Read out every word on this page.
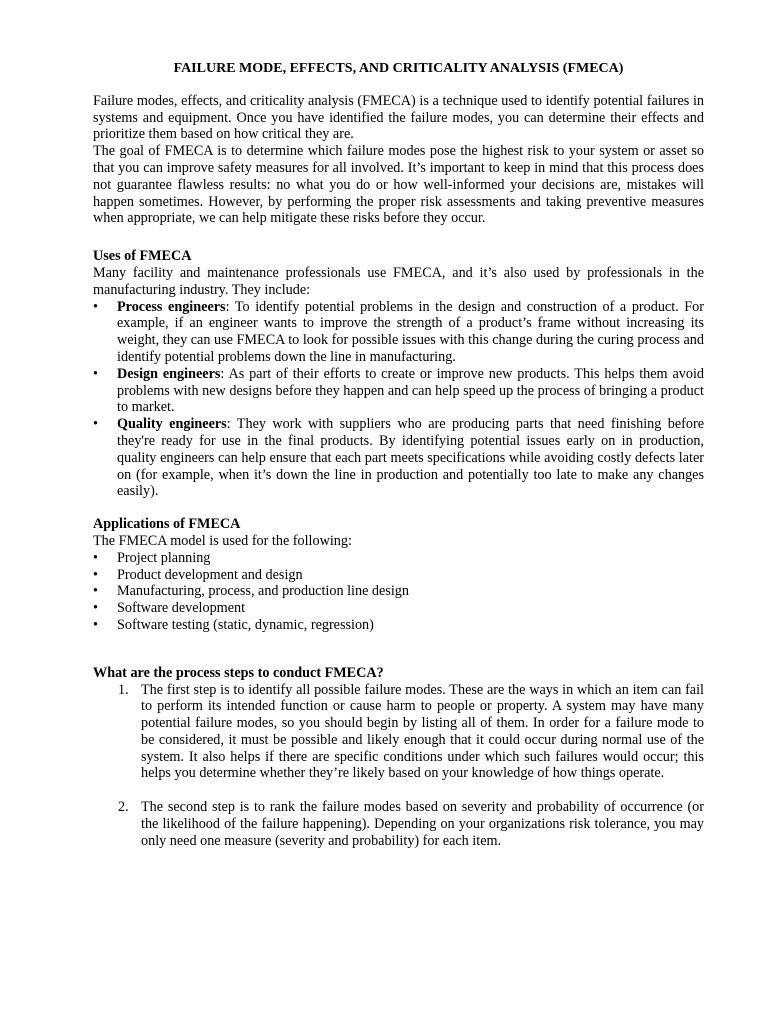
FAILURE MODE, EFFECTS, AND CRITICALITY ANALYSIS (FMECA)

Failure modes, effects, and criticality analysis (FMECA) is a technique used to identify potential failures in systems and equipment. Once you have identified the failure modes, you can determine their effects and prioritize them based on how critical they are.

The goal of FMECA is to determine which failure modes pose the highest risk to your system or asset so that you can improve safety measures for all involved. It’s important to keep in mind that this process does not guarantee flawless results: no what you do or how well-informed your decisions are, mistakes will happen sometimes. However, by performing the proper risk assessments and taking preventive measures when appropriate, we can help mitigate these risks before they occur.

Uses of FMECA

Many facility and maintenance professionals use FMECA, and it’s also used by professionals in the manufacturing industry. They include:

•	Process engineers: To identify potential problems in the design and construction of a product. For example, if an engineer wants to improve the strength of a product’s frame without increasing its weight, they can use FMECA to look for possible issues with this change during the curing process and identify potential problems down the line in manufacturing.
•	Design engineers: As part of their efforts to create or improve new products. This helps them avoid problems with new designs before they happen and can help speed up the process of bringing a product to market.
•	Quality engineers: They work with suppliers who are producing parts that need finishing before they're ready for use in the final products. By identifying potential issues early on in production, quality engineers can help ensure that each part meets specifications while avoiding costly defects later on (for example, when it’s down the line in production and potentially too late to make any changes easily).
Applications of FMECA

The FMECA model is used for the following:

•	Project planning
•	Product development and design
•	Manufacturing, process, and production line design
•	Software development
•	Software testing (static, dynamic, regression)
What are the process steps to conduct FMECA?
1. The first step is to identify all possible failure modes. These are the ways in which an item can fail to perform its intended function or cause harm to people or property. A system may have many potential failure modes, so you should begin by listing all of them. In order for a failure mode to be considered, it must be possible and likely enough that it could occur during normal use of the system. It also helps if there are specific conditions under which such failures would occur; this helps you determine whether they’re likely based on your knowledge of how things operate.
2. The second step is to rank the failure modes based on severity and probability of occurrence (or the likelihood of the failure happening). Depending on your organizations risk tolerance, you may only need one measure (severity and probability) for each item.
